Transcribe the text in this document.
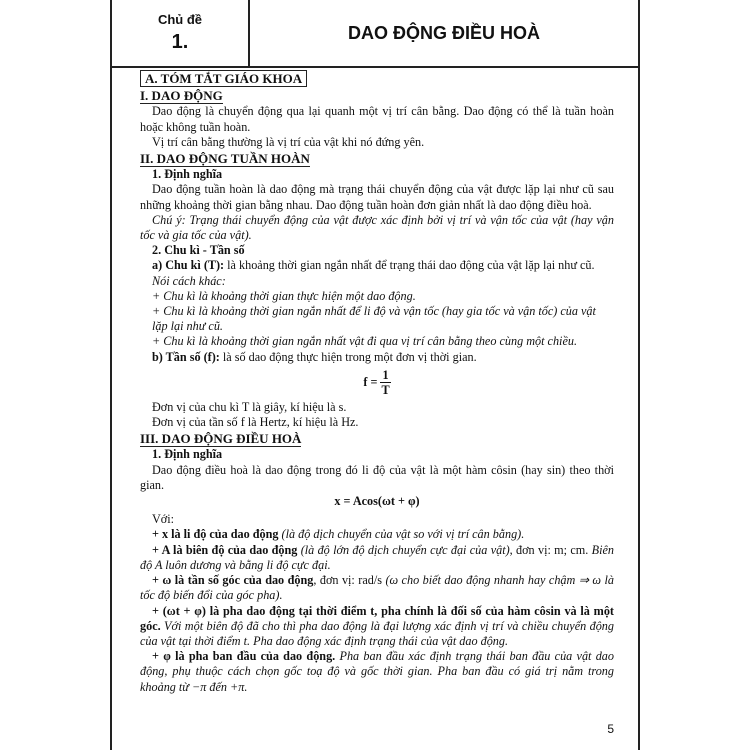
Chủ đề
1.	DAO ĐỘNG ĐIỀU HOÀ
A. TÓM TẮT GIÁO KHOA
I. DAO ĐỘNG

Dao động là chuyển động qua lại quanh một vị trí cân bằng. Dao động có thể là tuần hoàn hoặc không tuần hoàn.

Vị trí cân bằng thường là vị trí của vật khi nó đứng yên.

II. DAO ĐỘNG TUẦN HOÀN
1. Định nghĩa

Dao động tuần hoàn là dao động mà trạng thái chuyển động của vật được lặp lại như cũ sau những khoảng thời gian bằng nhau. Dao động tuần hoàn đơn giản nhất là dao động điều hoà.

Chú ý: Trạng thái chuyển động của vật được xác định bởi vị trí và vận tốc của vật (hay vận tốc và gia tốc của vật).

2. Chu kì - Tần số

a) Chu kì (T): là khoảng thời gian ngắn nhất để trạng thái dao động của vật lặp lại như cũ.

Nói cách khác:

+ Chu kì là khoảng thời gian thực hiện một dao động.

+ Chu kì là khoảng thời gian ngắn nhất để li độ và vận tốc (hay gia tốc và vận tốc) của vật lặp lại như cũ.

+ Chu kì là khoảng thời gian ngắn nhất vật đi qua vị trí cân bằng theo cùng một chiều.

b) Tần số (f): là số dao động thực hiện trong một đơn vị thời gian.

$f = \frac{1}{T}$

Đơn vị của chu kì T là giây, kí hiệu là s.

Đơn vị của tần số f là Hertz, kí hiệu là Hz.

III. DAO ĐỘNG ĐIỀU HOÀ
1. Định nghĩa

Dao động điều hoà là dao động trong đó li độ của vật là một hàm côsin (hay sin) theo thời gian.

x = Acos(ωt + φ)

Với:

+ x là li độ của dao động (là độ dịch chuyển của vật so với vị trí cân bằng).

+ A là biên độ của dao động (là độ lớn độ dịch chuyển cực đại của vật), đơn vị: m; cm. Biên độ A luôn dương và bằng li độ cực đại.

+ ω là tần số góc của dao động, đơn vị: rad/s (ω cho biết dao động nhanh hay chậm ⇒ ω là tốc độ biến đổi của góc pha).

+ (ωt + φ) là pha dao động tại thời điểm t, pha chính là đối số của hàm côsin và là một góc. Với một biên độ đã cho thì pha dao động là đại lượng xác định vị trí và chiều chuyển động của vật tại thời điểm t. Pha dao động xác định trạng thái của vật dao động.

+ φ là pha ban đầu của dao động. Pha ban đầu xác định trạng thái ban đầu của vật dao động, phụ thuộc cách chọn gốc toạ độ và gốc thời gian. Pha ban đầu có giá trị nằm trong khoảng từ −π đến +π.

5
